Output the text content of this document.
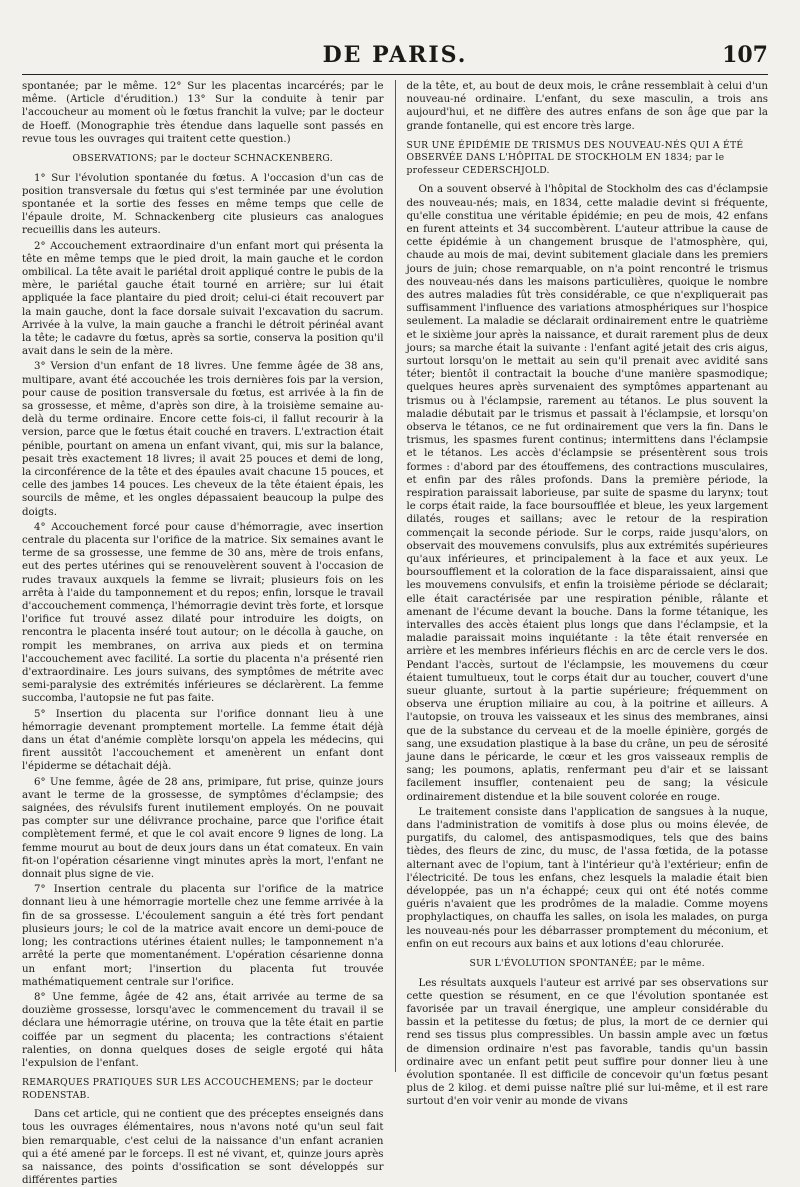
DE PARIS.	107

spontanée; par le même. 12° Sur les placentas incarcérés; par le même. (Article d'érudition.) 13° Sur la conduite à tenir par l'accoucheur au moment où le fœtus franchit la vulve; par le docteur de Hoeff. (Monographie très étendue dans laquelle sont passés en revue tous les ouvrages qui traitent cette question.)

OBSERVATIONS; par le docteur SCHNACKENBERG.

1° Sur l'évolution spontanée du fœtus. A l'occasion d'un cas de position transversale du fœtus qui s'est terminée par une évolution spontanée et la sortie des fesses en même temps que celle de l'épaule droite, M. Schnackenberg cite plusieurs cas analogues recueillis dans les auteurs.

2° Accouchement extraordinaire d'un enfant mort qui présenta la tête en même temps que le pied droit, la main gauche et le cordon ombilical. La tête avait le pariétal droit appliqué contre le pubis de la mère, le pariétal gauche était tourné en arrière; sur lui était appliquée la face plantaire du pied droit; celui-ci était recouvert par la main gauche, dont la face dorsale suivait l'excavation du sacrum. Arrivée à la vulve, la main gauche a franchi le détroit périnéal avant la tête; le cadavre du fœtus, après sa sortie, conserva la position qu'il avait dans le sein de la mère.

3° Version d'un enfant de 18 livres. Une femme âgée de 38 ans, multipare, avant été accouchée les trois dernières fois par la version, pour cause de position transversale du fœtus, est arrivée à la fin de sa grossesse, et même, d'après son dire, à la troisième semaine au-delà du terme ordinaire. Encore cette fois-ci, il fallut recourir à la version, parce que le fœtus était couché en travers. L'extraction était pénible, pourtant on amena un enfant vivant, qui, mis sur la balance, pesait très exactement 18 livres; il avait 25 pouces et demi de long, la circonférence de la tête et des épaules avait chacune 15 pouces, et celle des jambes 14 pouces. Les cheveux de la tête étaient épais, les sourcils de même, et les ongles dépassaient beaucoup la pulpe des doigts.

4° Accouchement forcé pour cause d'hémorragie, avec insertion centrale du placenta sur l'orifice de la matrice. Six semaines avant le terme de sa grossesse, une femme de 30 ans, mère de trois enfans, eut des pertes utérines qui se renouvelèrent souvent à l'occasion de rudes travaux auxquels la femme se livrait; plusieurs fois on les arrêta à l'aide du tamponnement et du repos; enfin, lorsque le travail d'accouchement commença, l'hémorragie devint très forte, et lorsque l'orifice fut trouvé assez dilaté pour introduire les doigts, on rencontra le placenta inséré tout autour; on le décolla à gauche, on rompit les membranes, on arriva aux pieds et on termina l'accouchement avec facilité. La sortie du placenta n'a présenté rien d'extraordinaire. Les jours suivans, des symptômes de métrite avec semi-paralysie des extrémités inférieures se déclarèrent. La femme succomba, l'autopsie ne fut pas faite.

5° Insertion du placenta sur l'orifice donnant lieu à une hémorragie devenant promptement mortelle. La femme était déjà dans un état d'anémie complète lorsqu'on appela les médecins, qui firent aussitôt l'accouchement et amenèrent un enfant dont l'épiderme se détachait déjà.

6° Une femme, âgée de 28 ans, primipare, fut prise, quinze jours avant le terme de la grossesse, de symptômes d'éclampsie; des saignées, des révulsifs furent inutilement employés. On ne pouvait pas compter sur une délivrance prochaine, parce que l'orifice était complètement fermé, et que le col avait encore 9 lignes de long. La femme mourut au bout de deux jours dans un état comateux. En vain fit-on l'opération césarienne vingt minutes après la mort, l'enfant ne donnait plus signe de vie.

7° Insertion centrale du placenta sur l'orifice de la matrice donnant lieu à une hémorragie mortelle chez une femme arrivée à la fin de sa grossesse. L'écoulement sanguin a été très fort pendant plusieurs jours; le col de la matrice avait encore un demi-pouce de long; les contractions utérines étaient nulles; le tamponnement n'a arrêté la perte que momentanément. L'opération césarienne donna un enfant mort; l'insertion du placenta fut trouvée mathématiquement centrale sur l'orifice.

8° Une femme, âgée de 42 ans, était arrivée au terme de sa douzième grossesse, lorsqu'avec le commencement du travail il se déclara une hémorragie utérine, on trouva que la tête était en partie coiffée par un segment du placenta; les contractions s'étaient ralenties, on donna quelques doses de seigle ergoté qui hâta l'expulsion de l'enfant.

REMARQUES PRATIQUES SUR LES ACCOUCHEMENS; par le docteur RODENSTAB.

Dans cet article, qui ne contient que des préceptes enseignés dans tous les ouvrages élémentaires, nous n'avons noté qu'un seul fait bien remarquable, c'est celui de la naissance d'un enfant acranien qui a été amené par le forceps. Il est né vivant, et, quinze jours après sa naissance, des points d'ossification se sont développés sur différentes parties

de la tête, et, au bout de deux mois, le crâne ressemblait à celui d'un nouveau-né ordinaire. L'enfant, du sexe masculin, a trois ans aujourd'hui, et ne diffère des autres enfans de son âge que par la grande fontanelle, qui est encore très large.

SUR UNE ÉPIDÉMIE DE TRISMUS DES NOUVEAU-NÉS QUI A ÉTÉ OBSERVÉE DANS L'HÔPITAL DE STOCKHOLM EN 1834; par le professeur CEDERSCHJOLD.

On a souvent observé à l'hôpital de Stockholm des cas d'éclampsie des nouveau-nés; mais, en 1834, cette maladie devint si fréquente, qu'elle constitua une véritable épidémie; en peu de mois, 42 enfans en furent atteints et 34 succombèrent. L'auteur attribue la cause de cette épidémie à un changement brusque de l'atmosphère, qui, chaude au mois de mai, devint subitement glaciale dans les premiers jours de juin; chose remarquable, on n'a point rencontré le trismus des nouveau-nés dans les maisons particulières, quoique le nombre des autres maladies fût très considérable, ce que n'expliquerait pas suffisamment l'influence des variations atmosphériques sur l'hospice seulement. La maladie se déclarait ordinairement entre le quatrième et le sixième jour après la naissance, et durait rarement plus de deux jours; sa marche était la suivante : l'enfant agité jetait des cris aigus, surtout lorsqu'on le mettait au sein qu'il prenait avec avidité sans téter; bientôt il contractait la bouche d'une manière spasmodique; quelques heures après survenaient des symptômes appartenant au trismus ou à l'éclampsie, rarement au tétanos. Le plus souvent la maladie débutait par le trismus et passait à l'éclampsie, et lorsqu'on observa le tétanos, ce ne fut ordinairement que vers la fin. Dans le trismus, les spasmes furent continus; intermittens dans l'éclampsie et le tétanos. Les accès d'éclampsie se présentèrent sous trois formes : d'abord par des étouffemens, des contractions musculaires, et enfin par des râles profonds. Dans la première période, la respiration paraissait laborieuse, par suite de spasme du larynx; tout le corps était raide, la face boursoufflée et bleue, les yeux largement dilatés, rouges et saillans; avec le retour de la respiration commençait la seconde période. Sur le corps, raide jusqu'alors, on observait des mouvemens convulsifs, plus aux extrémités supérieures qu'aux inférieures, et principalement à la face et aux yeux. Le boursoufflement et la coloration de la face disparaissaient, ainsi que les mouvemens convulsifs, et enfin la troisième période se déclarait; elle était caractérisée par une respiration pénible, râlante et amenant de l'écume devant la bouche. Dans la forme tétanique, les intervalles des accès étaient plus longs que dans l'éclampsie, et la maladie paraissait moins inquiétante : la tête était renversée en arrière et les membres inférieurs fléchis en arc de cercle vers le dos. Pendant l'accès, surtout de l'éclampsie, les mouvemens du cœur étaient tumultueux, tout le corps était dur au toucher, couvert d'une sueur gluante, surtout à la partie supérieure; fréquemment on observa une éruption miliaire au cou, à la poitrine et ailleurs. A l'autopsie, on trouva les vaisseaux et les sinus des membranes, ainsi que de la substance du cerveau et de la moelle épinière, gorgés de sang, une exsudation plastique à la base du crâne, un peu de sérosité jaune dans le péricarde, le cœur et les gros vaisseaux remplis de sang; les poumons, aplatis, renfermant peu d'air et se laissant facilement insuffler, contenaient peu de sang; la vésicule ordinairement distendue et la bile souvent colorée en rouge.

Le traitement consiste dans l'application de sangsues à la nuque, dans l'administration de vomitifs à dose plus ou moins élevée, de purgatifs, du calomel, des antispasmodiques, tels que des bains tièdes, des fleurs de zinc, du musc, de l'assa fœtida, de la potasse alternant avec de l'opium, tant à l'intérieur qu'à l'extérieur; enfin de l'électricité. De tous les enfans, chez lesquels la maladie était bien développée, pas un n'a échappé; ceux qui ont été notés comme guéris n'avaient que les prodrômes de la maladie. Comme moyens prophylactiques, on chauffa les salles, on isola les malades, on purga les nouveau-nés pour les débarrasser promptement du méconium, et enfin on eut recours aux bains et aux lotions d'eau chlorurée.

SUR L'ÉVOLUTION SPONTANÉE; par le même.

Les résultats auxquels l'auteur est arrivé par ses observations sur cette question se résument, en ce que l'évolution spontanée est favorisée par un travail énergique, une ampleur considérable du bassin et la petitesse du fœtus; de plus, la mort de ce dernier qui rend ses tissus plus compressibles. Un bassin ample avec un fœtus de dimension ordinaire n'est pas favorable, tandis qu'un bassin ordinaire avec un enfant petit peut suffire pour donner lieu à une évolution spontanée. Il est difficile de concevoir qu'un fœtus pesant plus de 2 kilog. et demi puisse naître plié sur lui-même, et il est rare surtout d'en voir venir au monde de vivans
